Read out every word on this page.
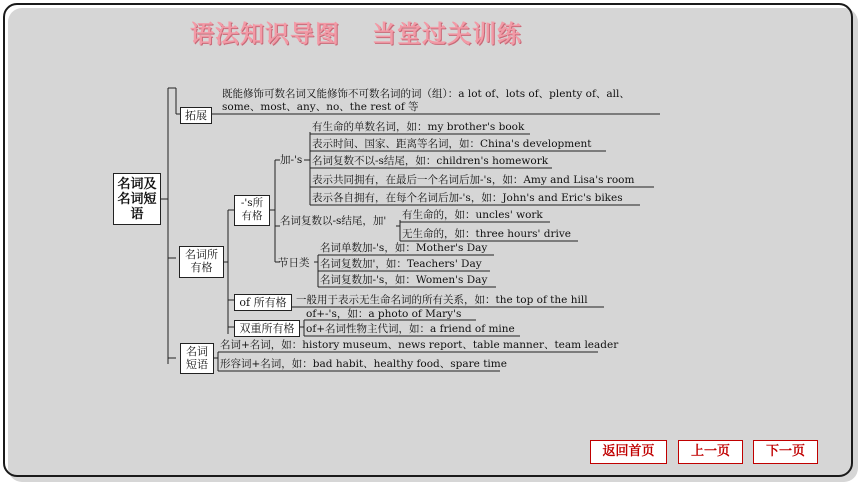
语法知识导图 当堂过关训练
名词及名词短语
拓展
既能修饰可数名词又能修饰不可数名词的词（组）：a lot of、lots of、plenty of、all、
some、most、any、no、the rest of 等
名词所有格
-'s所有格
加-'s
有生命的单数名词，如：my brother's book
表示时间、国家、距离等名词，如：China's development
名词复数不以-s结尾，如：children's homework
表示共同拥有，在最后一个名词后加-'s，如：Amy and Lisa's room
表示各自拥有，在每个名词后加-'s，如：John's and Eric's bikes
名词复数以-s结尾，加' 有生命的，如：uncles' work
无生命的，如：three hours' drive
节日类
名词单数加-'s，如：Mother's Day
名词复数加'，如：Teachers' Day
名词复数加-'s，如：Women's Day
of 所有格 一般用于表示无生命名词的所有关系，如：the top of the hill
双重所有格
of+-'s，如：a photo of Mary's
of+名词性物主代词，如：a friend of mine
名词短语
名词+名词，如：history museum、news report、table manner、team leader
形容词+名词，如：bad habit、healthy food、spare time
返回首页	上一页	下一页
